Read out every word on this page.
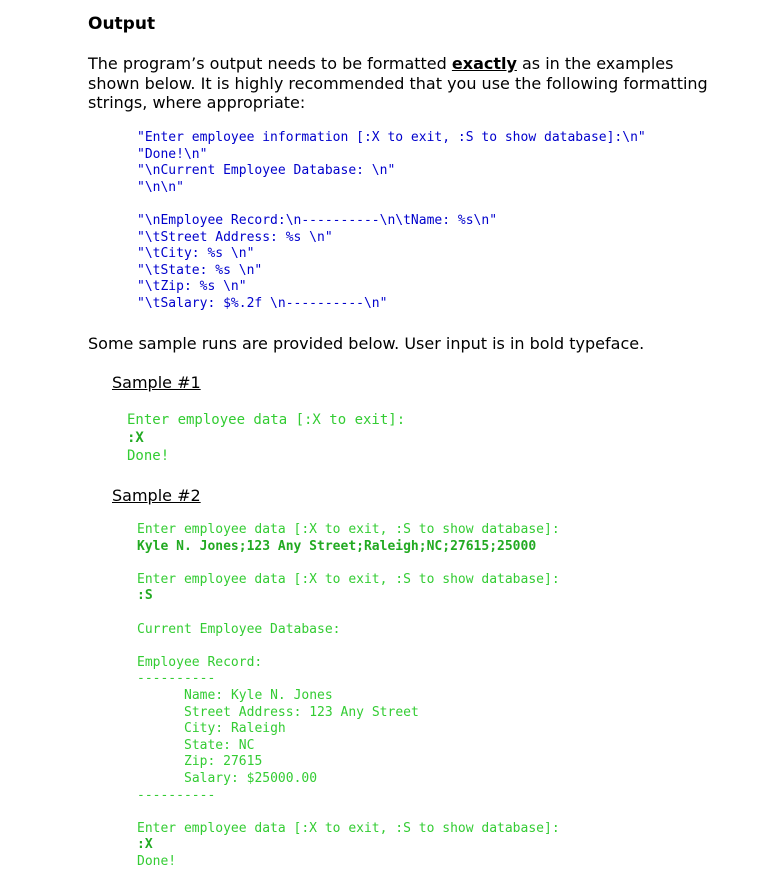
Output

The program’s output needs to be formatted exactly as in the examples shown below. It is highly recommended that you use the following formatting strings, where appropriate:

"Enter employee information [:X to exit, :S to show database]:\n"
"Done!\n"
"\nCurrent Employee Database: \n"
"\n\n"
"\nEmployee Record:\n----------\n\tName: %s\n"
"\tStreet Address: %s \n"
"\tCity: %s \n"
"\tState: %s \n"
"\tZip: %s \n"
"\tSalary: $%.2f \n----------\n"

Some sample runs are provided below. User input is in bold typeface.

Sample #1

Enter employee data [:X to exit]:
:X
Done!

Sample #2

Enter employee data [:X to exit, :S to show database]:
Kyle N. Jones;123 Any Street;Raleigh;NC;27615;25000
Enter employee data [:X to exit, :S to show database]:
:S
Current Employee Database:
Employee Record:
----------
Name: Kyle N. Jones
Street Address: 123 Any Street
City: Raleigh
State: NC
Zip: 27615
Salary: $25000.00
----------
Enter employee data [:X to exit, :S to show database]:
:X
Done!
